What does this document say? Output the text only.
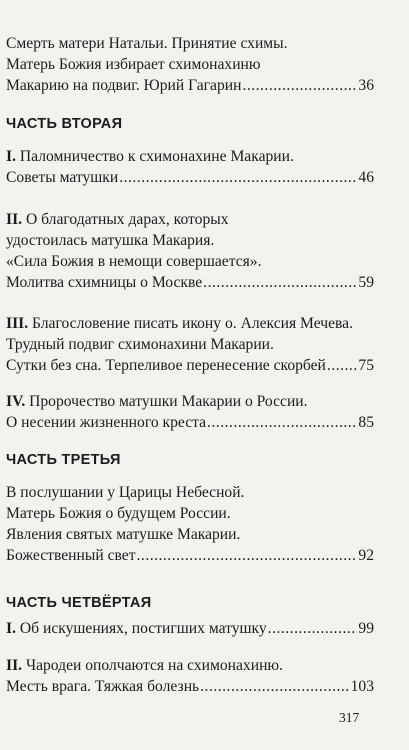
Смерть матери Натальи. Принятие схимы.
Матерь Божия избирает схимонахиню
Макарию на подвиг. Юрий Гагарин .....	36
ЧАСТЬ ВТОРАЯ
I. Паломничество к схимонахине Макарии.
Советы матушки .....	46
II. О благодатных дарах, которых
удостоилась матушка Макария.
«Сила Божия в немощи совершается».
Молитва схимницы о Москве .....	59
III. Благословение писать икону о. Алексия Мечева.
Трудный подвиг схимонахини Макарии.
Сутки без сна. Терпеливое перенесение скорбей ..... 75
IV. Пророчество матушки Макарии о России.
О несении жизненного креста .....	85
ЧАСТЬ ТРЕТЬЯ
В послушании у Царицы Небесной.
Матерь Божия о будущем России.
Явления святых матушке Макарии.
Божественный свет .....	92
ЧАСТЬ ЧЕТВЁРТАЯ
I. Об искушениях, постигших матушку .....	99
II. Чародеи ополчаются на схимонахиню.
Месть врага. Тяжкая болезнь .....	103
317
